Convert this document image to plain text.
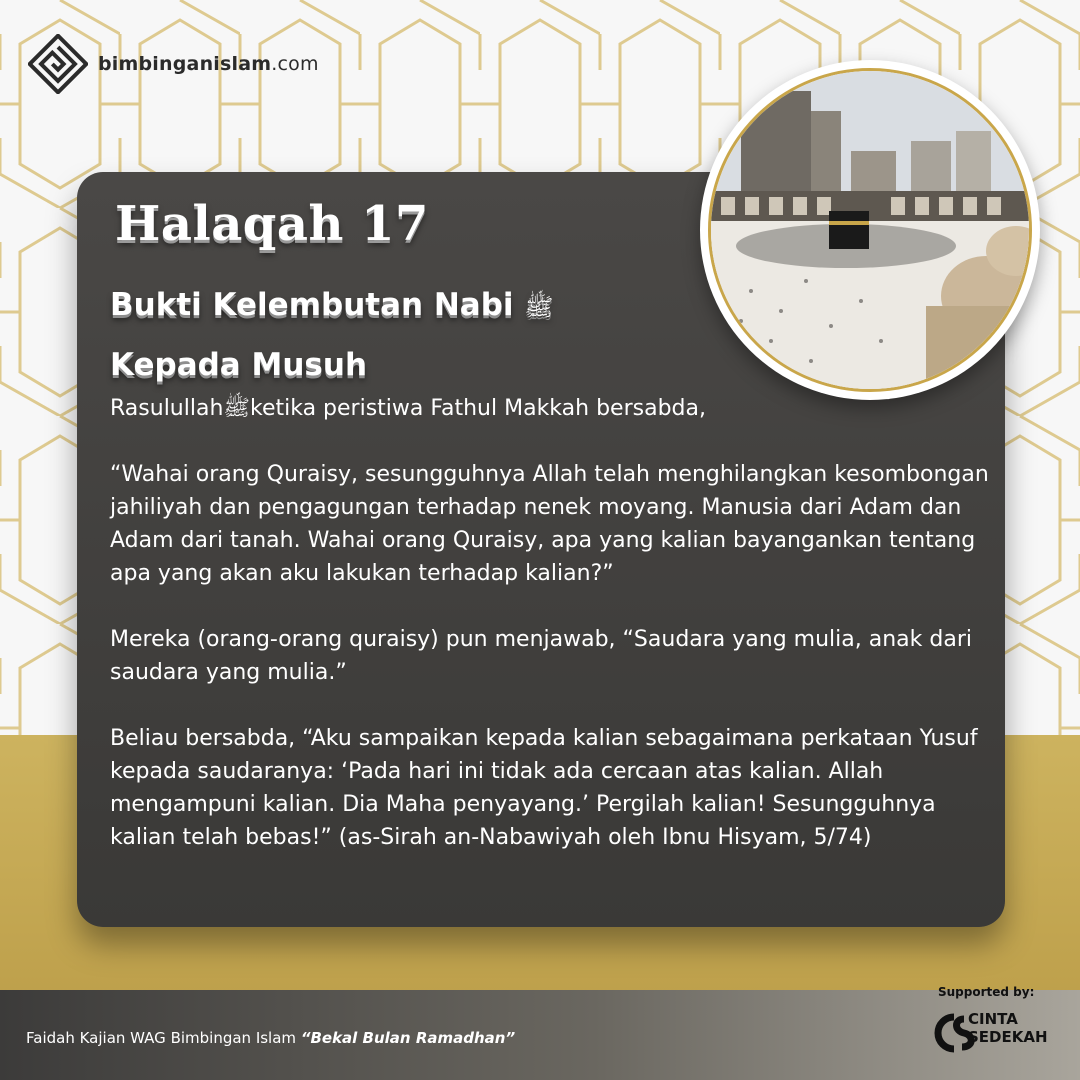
bimbinganislam.com
Halaqah 17
Bukti Kelembutan Nabi ﷺ
Kepada Musuh

Rasulullahﷺketika peristiwa Fathul Makkah bersabda,

“Wahai orang Quraisy, sesungguhnya Allah telah menghilangkan kesombongan jahiliyah dan pengagungan terhadap nenek moyang. Manusia dari Adam dan Adam dari tanah. Wahai orang Quraisy, apa yang kalian bayangankan tentang apa yang akan aku lakukan terhadap kalian?”

Mereka (orang-orang quraisy) pun menjawab, “Saudara yang mulia, anak dari saudara yang mulia.”

Beliau bersabda, “Aku sampaikan kepada kalian sebagaimana perkataan Yusuf kepada saudaranya: ‘Pada hari ini tidak ada cercaan atas kalian. Allah mengampuni kalian. Dia Maha penyayang.’ Pergilah kalian! Sesungguhnya kalian telah bebas!” (as-Sirah an-Nabawiyah oleh Ibnu Hisyam, 5/74)

Faidah Kajian WAG Bimbingan Islam “Bekal Bulan Ramadhan”
Supported by:
CINTA
SEDEKAH
